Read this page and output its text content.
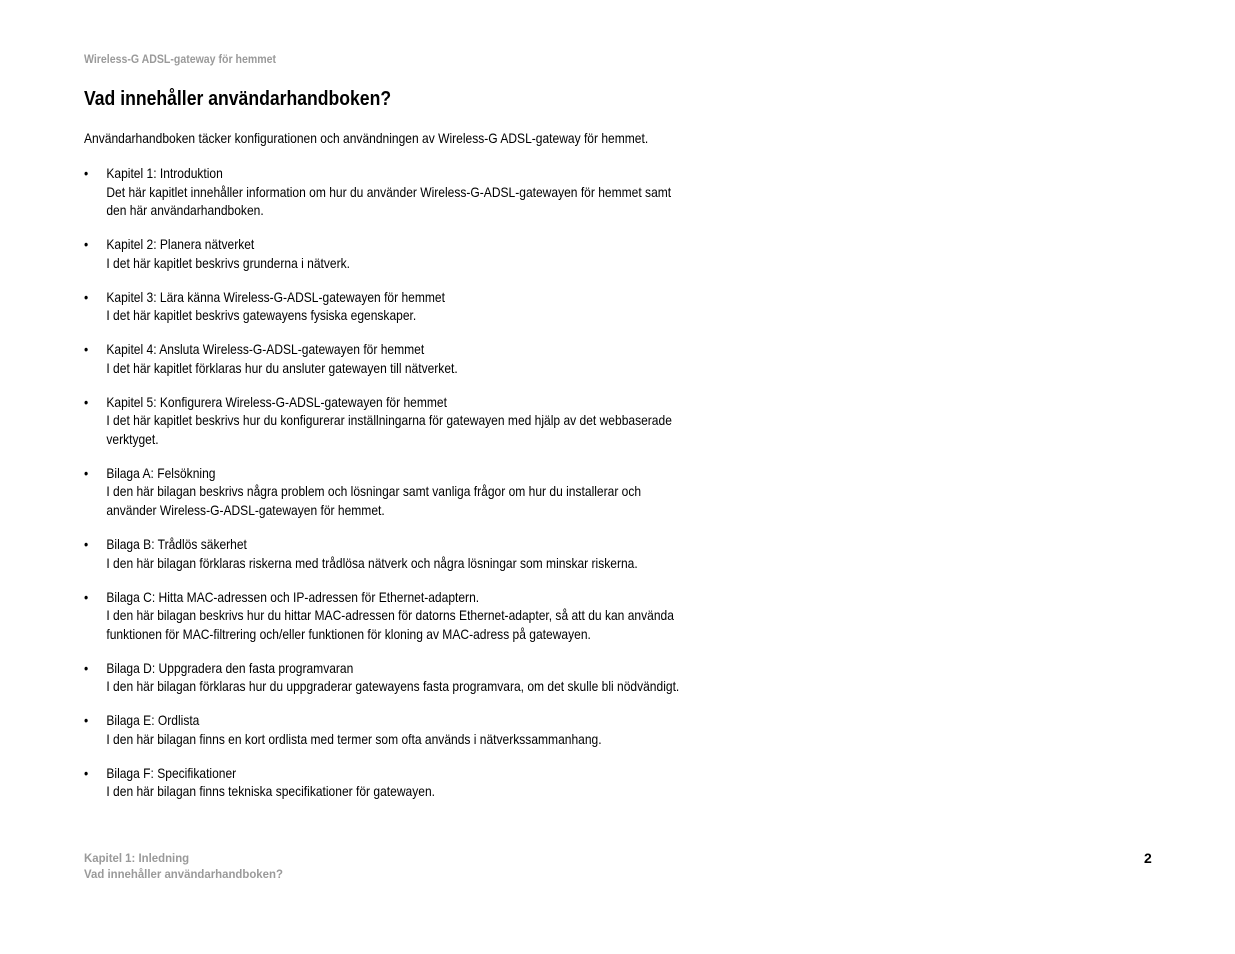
Wireless-G ADSL-gateway för hemmet
Vad innehåller användarhandboken?
Användarhandboken täcker konfigurationen och användningen av Wireless-G ADSL-gateway för hemmet.
• Kapitel 1: Introduktion
Det här kapitlet innehåller information om hur du använder Wireless-G-ADSL-gatewayen för hemmet samt
den här användarhandboken.
• Kapitel 2: Planera nätverket
I det här kapitlet beskrivs grunderna i nätverk.
• Kapitel 3: Lära känna Wireless-G-ADSL-gatewayen för hemmet
I det här kapitlet beskrivs gatewayens fysiska egenskaper.
• Kapitel 4: Ansluta Wireless-G-ADSL-gatewayen för hemmet
I det här kapitlet förklaras hur du ansluter gatewayen till nätverket.
• Kapitel 5: Konfigurera Wireless-G-ADSL-gatewayen för hemmet
I det här kapitlet beskrivs hur du konfigurerar inställningarna för gatewayen med hjälp av det webbaserade
verktyget.
• Bilaga A: Felsökning
I den här bilagan beskrivs några problem och lösningar samt vanliga frågor om hur du installerar och
använder Wireless-G-ADSL-gatewayen för hemmet.
• Bilaga B: Trådlös säkerhet
I den här bilagan förklaras riskerna med trådlösa nätverk och några lösningar som minskar riskerna.
• Bilaga C: Hitta MAC-adressen och IP-adressen för Ethernet-adaptern.
I den här bilagan beskrivs hur du hittar MAC-adressen för datorns Ethernet-adapter, så att du kan använda
funktionen för MAC-filtrering och/eller funktionen för kloning av MAC-adress på gatewayen.
• Bilaga D: Uppgradera den fasta programvaran
I den här bilagan förklaras hur du uppgraderar gatewayens fasta programvara, om det skulle bli nödvändigt.
• Bilaga E: Ordlista
I den här bilagan finns en kort ordlista med termer som ofta används i nätverkssammanhang.
• Bilaga F: Specifikationer
I den här bilagan finns tekniska specifikationer för gatewayen.
Kapitel 1: Inledning
Vad innehåller användarhandboken?
2
